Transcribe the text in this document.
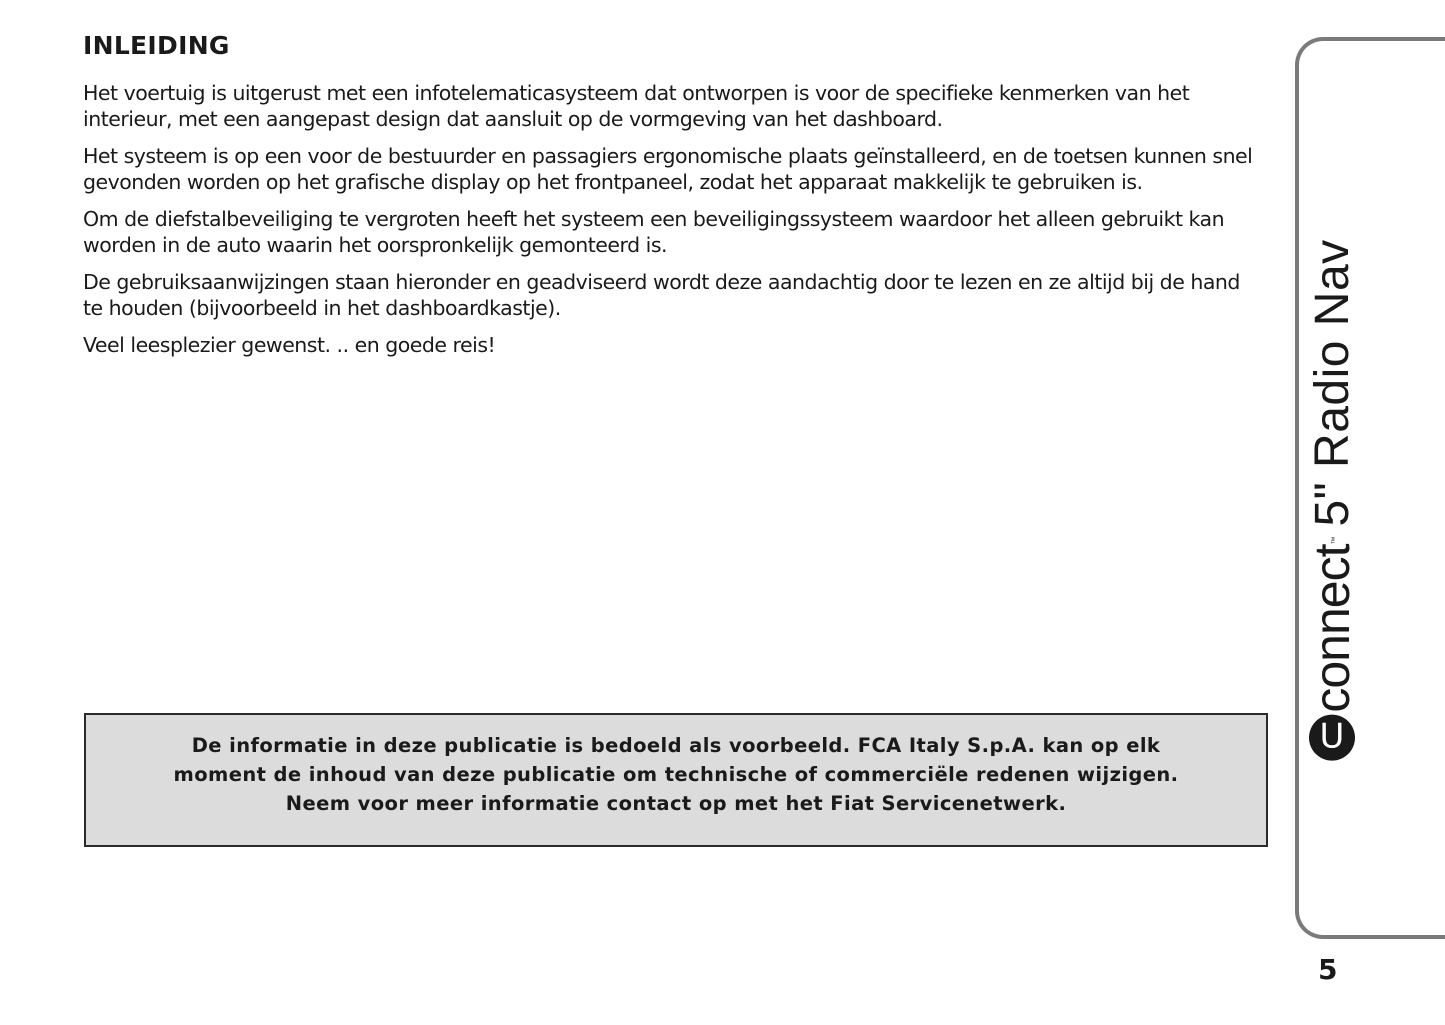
INLEIDING

Het voertuig is uitgerust met een infotelematicasysteem dat ontworpen is voor de specifieke kenmerken van het interieur, met een aangepast design dat aansluit op de vormgeving van het dashboard.

Het systeem is op een voor de bestuurder en passagiers ergonomische plaats geïnstalleerd, en de toetsen kunnen snel gevonden worden op het grafische display op het frontpaneel, zodat het apparaat makkelijk te gebruiken is.

Om de diefstalbeveiliging te vergroten heeft het systeem een beveiligingssysteem waardoor het alleen gebruikt kan worden in de auto waarin het oorspronkelijk gemonteerd is.

De gebruiksaanwijzingen staan hieronder en geadviseerd wordt deze aandachtig door te lezen en ze altijd bij de hand te houden (bijvoorbeeld in het dashboardkastje).

Veel leesplezier gewenst. .. en goede reis!

De informatie in deze publicatie is bedoeld als voorbeeld. FCA Italy S.p.A. kan op elk moment de inhoud van deze publicatie om technische of commerciële redenen wijzigen. Neem voor meer informatie contact op met het Fiat Servicenetwerk.
U
connect
™
5" Radio Nav
5
